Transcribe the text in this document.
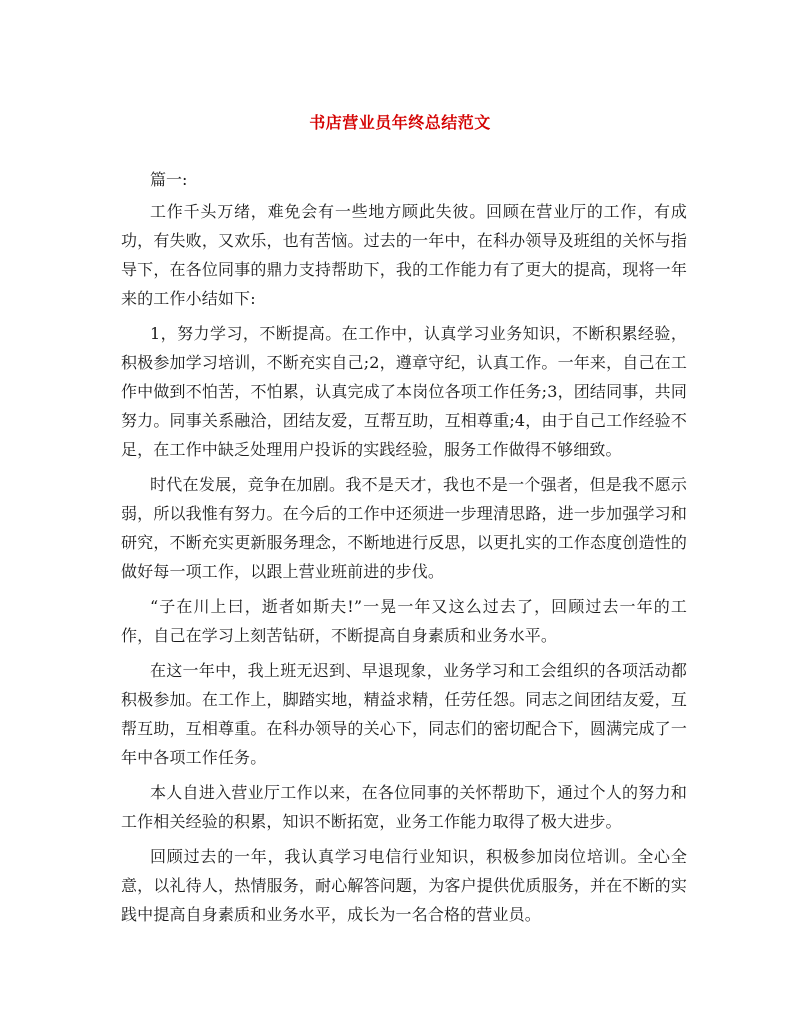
书店营业员年终总结范文
篇一:

工作千头万绪，难免会有一些地方顾此失彼。回顾在营业厅的工作，有成功，有失败，又欢乐，也有苦恼。过去的一年中，在科办领导及班组的关怀与指导下，在各位同事的鼎力支持帮助下，我的工作能力有了更大的提高，现将一年来的工作小结如下:

1，努力学习，不断提高。在工作中，认真学习业务知识，不断积累经验，积极参加学习培训，不断充实自己;2，遵章守纪，认真工作。一年来，自己在工作中做到不怕苦，不怕累，认真完成了本岗位各项工作任务;3，团结同事，共同努力。同事关系融洽，团结友爱，互帮互助，互相尊重;4，由于自己工作经验不足，在工作中缺乏处理用户投诉的实践经验，服务工作做得不够细致。

时代在发展，竞争在加剧。我不是天才，我也不是一个强者，但是我不愿示弱，所以我惟有努力。在今后的工作中还须进一步理清思路，进一步加强学习和研究，不断充实更新服务理念，不断地进行反思，以更扎实的工作态度创造性的做好每一项工作，以跟上营业班前进的步伐。

“子在川上曰，逝者如斯夫!”一晃一年又这么过去了，回顾过去一年的工作，自己在学习上刻苦钻研，不断提高自身素质和业务水平。

在这一年中，我上班无迟到、早退现象，业务学习和工会组织的各项活动都积极参加。在工作上，脚踏实地，精益求精，任劳任怨。同志之间团结友爱，互帮互助，互相尊重。在科办领导的关心下，同志们的密切配合下，圆满完成了一年中各项工作任务。

本人自进入营业厅工作以来，在各位同事的关怀帮助下，通过个人的努力和工作相关经验的积累，知识不断拓宽，业务工作能力取得了极大进步。

回顾过去的一年，我认真学习电信行业知识，积极参加岗位培训。全心全意，以礼待人，热情服务，耐心解答问题，为客户提供优质服务，并在不断的实践中提高自身素质和业务水平，成长为一名合格的营业员。
